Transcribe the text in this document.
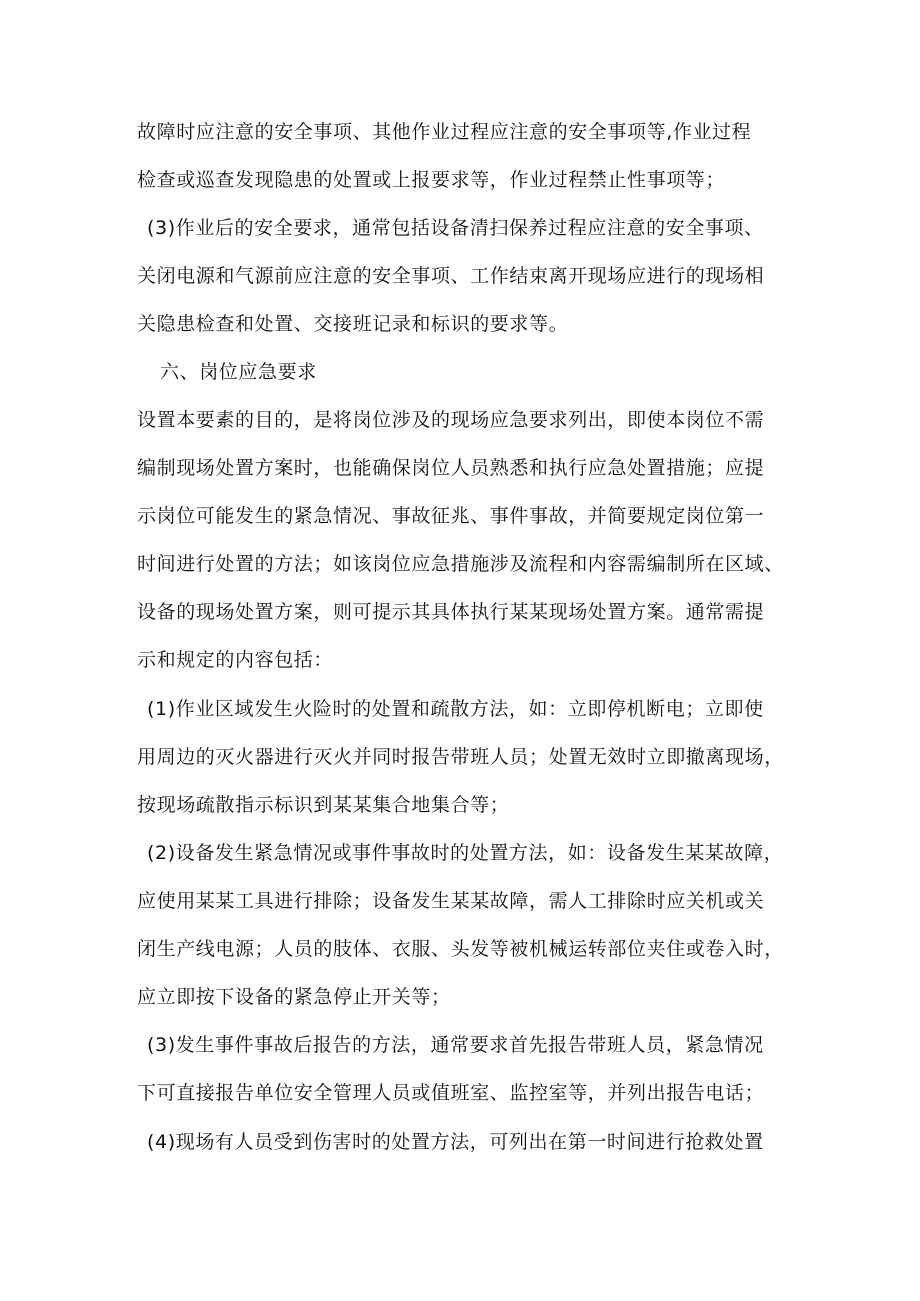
故障时应注意的安全事项、其他作业过程应注意的安全事项等,作业过程
检查或巡查发现隐患的处置或上报要求等，作业过程禁止性事项等；
(3)作业后的安全要求，通常包括设备清扫保养过程应注意的安全事项、
关闭电源和气源前应注意的安全事项、工作结束离开现场应进行的现场相
关隐患检查和处置、交接班记录和标识的要求等。
六、岗位应急要求
设置本要素的目的，是将岗位涉及的现场应急要求列出，即使本岗位不需
编制现场处置方案时，也能确保岗位人员熟悉和执行应急处置措施；应提
示岗位可能发生的紧急情况、事故征兆、事件事故，并简要规定岗位第一
时间进行处置的方法；如该岗位应急措施涉及流程和内容需编制所在区域、
设备的现场处置方案，则可提示其具体执行某某现场处置方案。通常需提
示和规定的内容包括：
(1)作业区域发生火险时的处置和疏散方法，如：立即停机断电；立即使
用周边的灭火器进行灭火并同时报告带班人员；处置无效时立即撤离现场，
按现场疏散指示标识到某某集合地集合等；
(2)设备发生紧急情况或事件事故时的处置方法，如：设备发生某某故障，
应使用某某工具进行排除；设备发生某某故障，需人工排除时应关机或关
闭生产线电源；人员的肢体、衣服、头发等被机械运转部位夹住或卷入时，
应立即按下设备的紧急停止开关等；
(3)发生事件事故后报告的方法，通常要求首先报告带班人员，紧急情况
下可直接报告单位安全管理人员或值班室、监控室等，并列出报告电话；
(4)现场有人员受到伤害时的处置方法，可列出在第一时间进行抢救处置
